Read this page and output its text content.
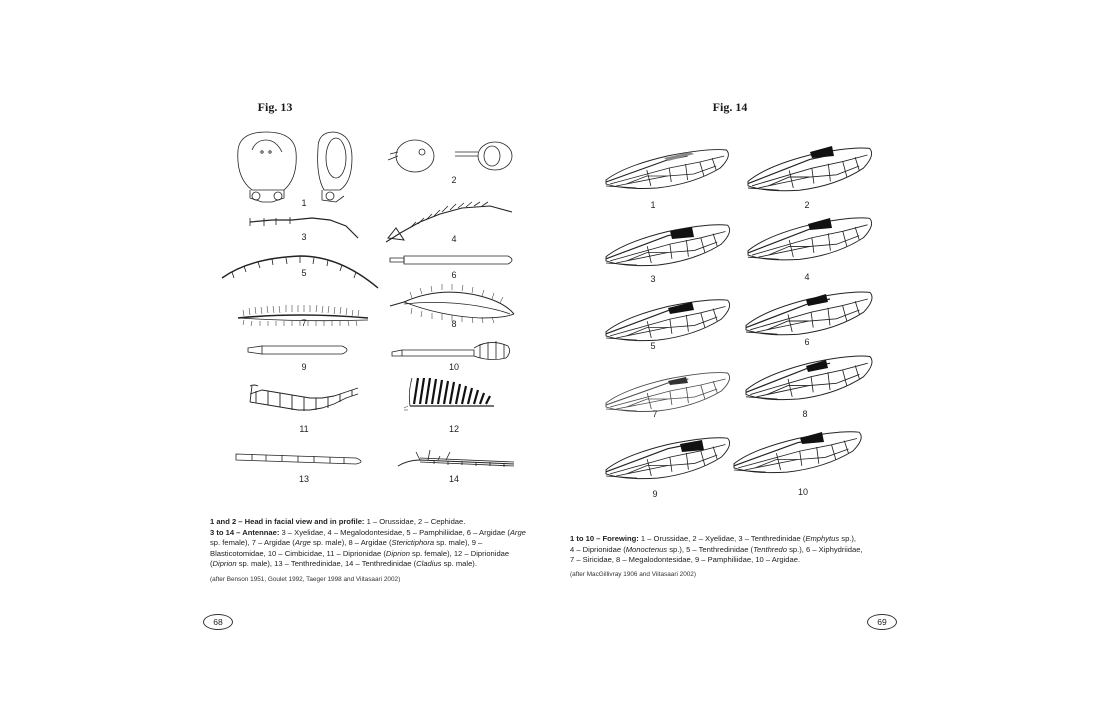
Fig. 13
1
2
3	4
5	6
7	8
9	10
11	12
13	14
1 and 2 – Head in facial view and in profile: 1 – Orussidae, 2 – Cephidae.
3 to 14 – Antennae: 3 – Xyelidae, 4 – Megalodontesidae, 5 – Pamphiliidae, 6 – Argidae (Arge
sp. female), 7 – Argidae (Arge sp. male), 8 – Argidae (Sterictiphora sp. male), 9 –
Blasticotomidae, 10 – Cimbicidae, 11 – Diprionidae (Diprion sp. female), 12 – Diprionidae
(Diprion sp. male), 13 – Tenthredinidae, 14 – Tenthredinidae (Cladius sp. male).
(after Benson 1951, Goulet 1992, Taeger 1998 and Viitasaari 2002)
68
Fig. 14
1	2
3	4
5	6
7	8
9	10
1 to 10 – Forewing: 1 – Orussidae, 2 – Xyelidae, 3 – Tenthredinidae (Emphytus sp.),
4 – Diprionidae (Monoctenus sp.), 5 – Tenthredinidae (Tenthredo sp.), 6 – Xiphydriidae,
7 – Siricidae, 8 – Megalodontesidae, 9 – Pamphiliidae, 10 – Argidae.
(after MacGillivray 1906 and Viitasaari 2002)
69
